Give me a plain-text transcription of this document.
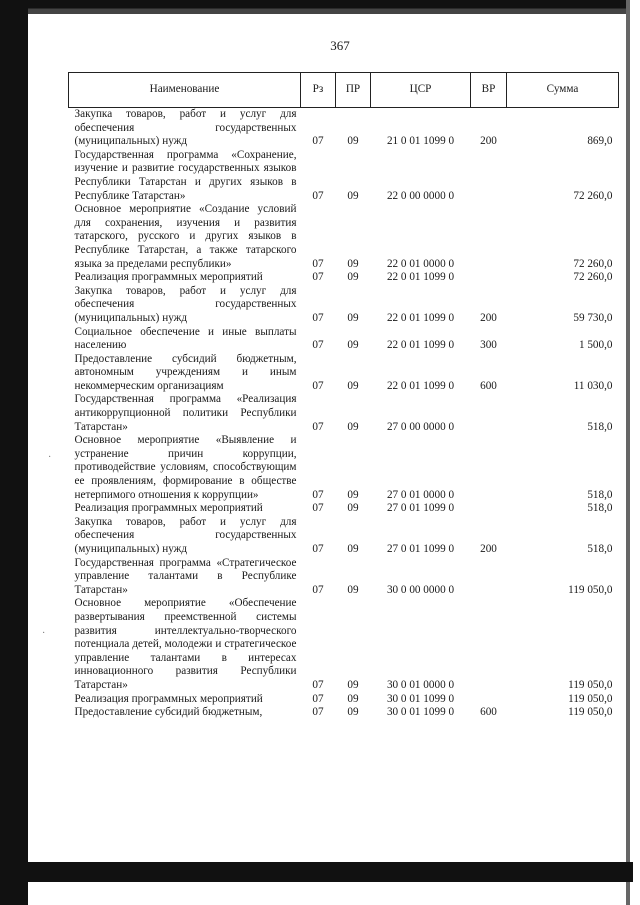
·
·
367
Наименование	Рз	ПР	ЦСР	ВР	Сумма
Закупка товаров, работ и услуг для обеспечения государственных (муниципальных) нужд	07	09	21 0 01 1099 0	200	869,0
Государственная программа «Сохранение, изучение и развитие государственных языков Республики Татарстан и других языков в Республике Татарстан»	07	09	22 0 00 0000 0		72 260,0
Основное мероприятие «Создание условий для сохранения, изучения и развития татарского, русского и других языков в Республике Татарстан, а также татарского языка за пределами республики»	07	09	22 0 01 0000 0		72 260,0
Реализация программных мероприятий	07	09	22 0 01 1099 0		72 260,0
Закупка товаров, работ и услуг для обеспечения государственных (муниципальных) нужд	07	09	22 0 01 1099 0	200	59 730,0
Социальное обеспечение и иные выплаты населению	07	09	22 0 01 1099 0	300	1 500,0
Предоставление субсидий бюджетным, автономным учреждениям и иным некоммерческим организациям	07	09	22 0 01 1099 0	600	11 030,0
Государственная программа «Реализация антикоррупционной политики Республики Татарстан»	07	09	27 0 00 0000 0		518,0
Основное мероприятие «Выявление и устранение причин коррупции, противодействие условиям, способствующим ее проявлениям, формирование в обществе нетерпимого отношения к коррупции»	07	09	27 0 01 0000 0		518,0
Реализация программных мероприятий	07	09	27 0 01 1099 0		518,0
Закупка товаров, работ и услуг для обеспечения государственных (муниципальных) нужд	07	09	27 0 01 1099 0	200	518,0
Государственная программа «Стратегическое управление талантами в Республике Татарстан»	07	09	30 0 00 0000 0		119 050,0
Основное мероприятие «Обеспечение развертывания преемственной системы развития интеллектуально-творческого потенциала детей, молодежи и стратегическое управление талантами в интересах инновационного развития Республики Татарстан»	07	09	30 0 01 0000 0		119 050,0
Реализация программных мероприятий	07	09	30 0 01 1099 0		119 050,0
Предоставление субсидий бюджетным,	07	09	30 0 01 1099 0	600	119 050,0
